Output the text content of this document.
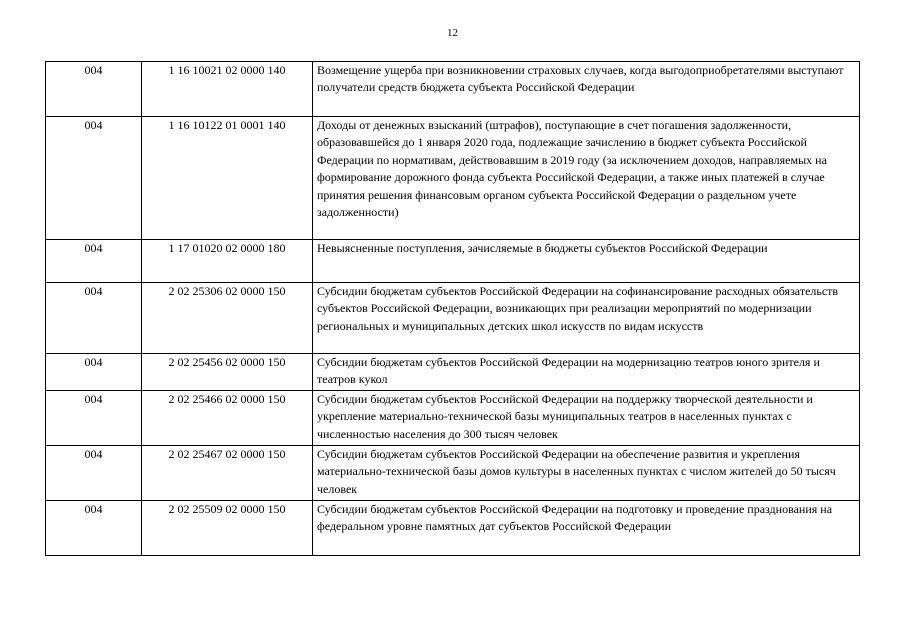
12
004	1 16 10021 02 0000 140	Возмещение ущерба при возникновении страховых случаев, когда выгодоприобретателями выступают получатели средств бюджета субъекта Российской Федерации
004	1 16 10122 01 0001 140	Доходы от денежных взысканий (штрафов), поступающие в счет погашения задолженности, образовавшейся до 1 января 2020 года, подлежащие зачислению в бюджет субъекта Российской Федерации по нормативам, действовавшим в 2019 году (за исключением доходов, направляемых на формирование дорожного фонда субъекта Российской Федерации, а также иных платежей в случае принятия решения финансовым органом субъекта Российской Федерации о раздельном учете задолженности)
004	1 17 01020 02 0000 180	Невыясненные поступления, зачисляемые в бюджеты субъектов Российской Федерации
004	2 02 25306 02 0000 150	Субсидии бюджетам субъектов Российской Федерации на софинансирование расходных обязательств субъектов Российской Федерации, возникающих при реализации мероприятий по модернизации региональных и муниципальных детских школ искусств по видам искусств
004	2 02 25456 02 0000 150	Субсидии бюджетам субъектов Российской Федерации на модернизацию театров юного зрителя и театров кукол
004	2 02 25466 02 0000 150	Субсидии бюджетам субъектов Российской Федерации на поддержку творческой деятельности и укрепление материально-технической базы муниципальных театров в населенных пунктах с численностью населения до 300 тысяч человек
004	2 02 25467 02 0000 150	Субсидии бюджетам субъектов Российской Федерации на обеспечение развития и укрепления материально-технической базы домов культуры в населенных пунктах с числом жителей до 50 тысяч человек
004	2 02 25509 02 0000 150	Субсидии бюджетам субъектов Российской Федерации на подготовку и проведение празднования на федеральном уровне памятных дат субъектов Российской Федерации
